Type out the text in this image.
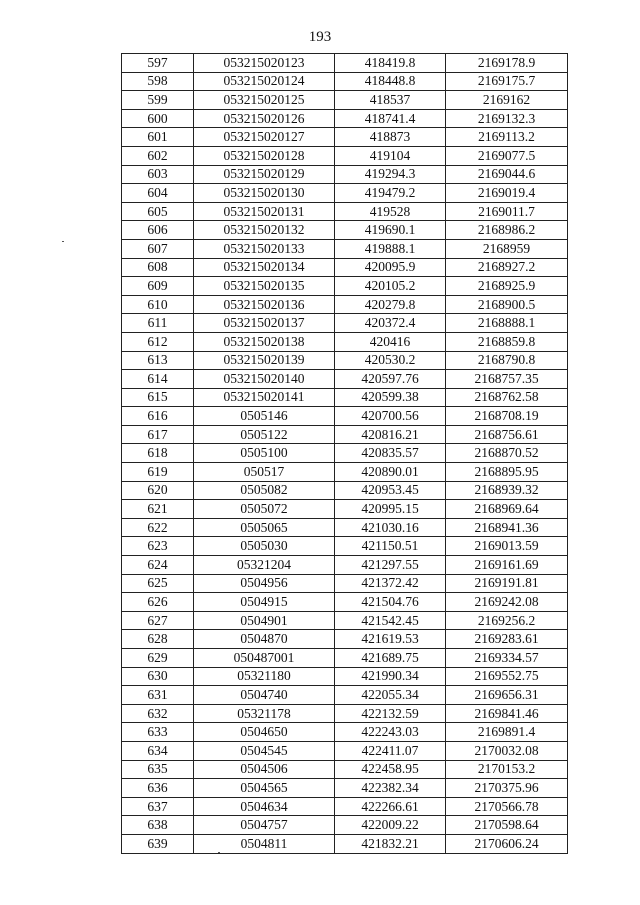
193
597	053215020123	418419.8	2169178.9
598	053215020124	418448.8	2169175.7
599	053215020125	418537	2169162
600	053215020126	418741.4	2169132.3
601	053215020127	418873	2169113.2
602	053215020128	419104	2169077.5
603	053215020129	419294.3	2169044.6
604	053215020130	419479.2	2169019.4
605	053215020131	419528	2169011.7
606	053215020132	419690.1	2168986.2
607	053215020133	419888.1	2168959
608	053215020134	420095.9	2168927.2
609	053215020135	420105.2	2168925.9
610	053215020136	420279.8	2168900.5
611	053215020137	420372.4	2168888.1
612	053215020138	420416	2168859.8
613	053215020139	420530.2	2168790.8
614	053215020140	420597.76	2168757.35
615	053215020141	420599.38	2168762.58
616	0505146	420700.56	2168708.19
617	0505122	420816.21	2168756.61
618	0505100	420835.57	2168870.52
619	050517	420890.01	2168895.95
620	0505082	420953.45	2168939.32
621	0505072	420995.15	2168969.64
622	0505065	421030.16	2168941.36
623	0505030	421150.51	2169013.59
624	05321204	421297.55	2169161.69
625	0504956	421372.42	2169191.81
626	0504915	421504.76	2169242.08
627	0504901	421542.45	2169256.2
628	0504870	421619.53	2169283.61
629	050487001	421689.75	2169334.57
630	05321180	421990.34	2169552.75
631	0504740	422055.34	2169656.31
632	05321178	422132.59	2169841.46
633	0504650	422243.03	2169891.4
634	0504545	422411.07	2170032.08
635	0504506	422458.95	2170153.2
636	0504565	422382.34	2170375.96
637	0504634	422266.61	2170566.78
638	0504757	422009.22	2170598.64
639	0504811	421832.21	2170606.24
